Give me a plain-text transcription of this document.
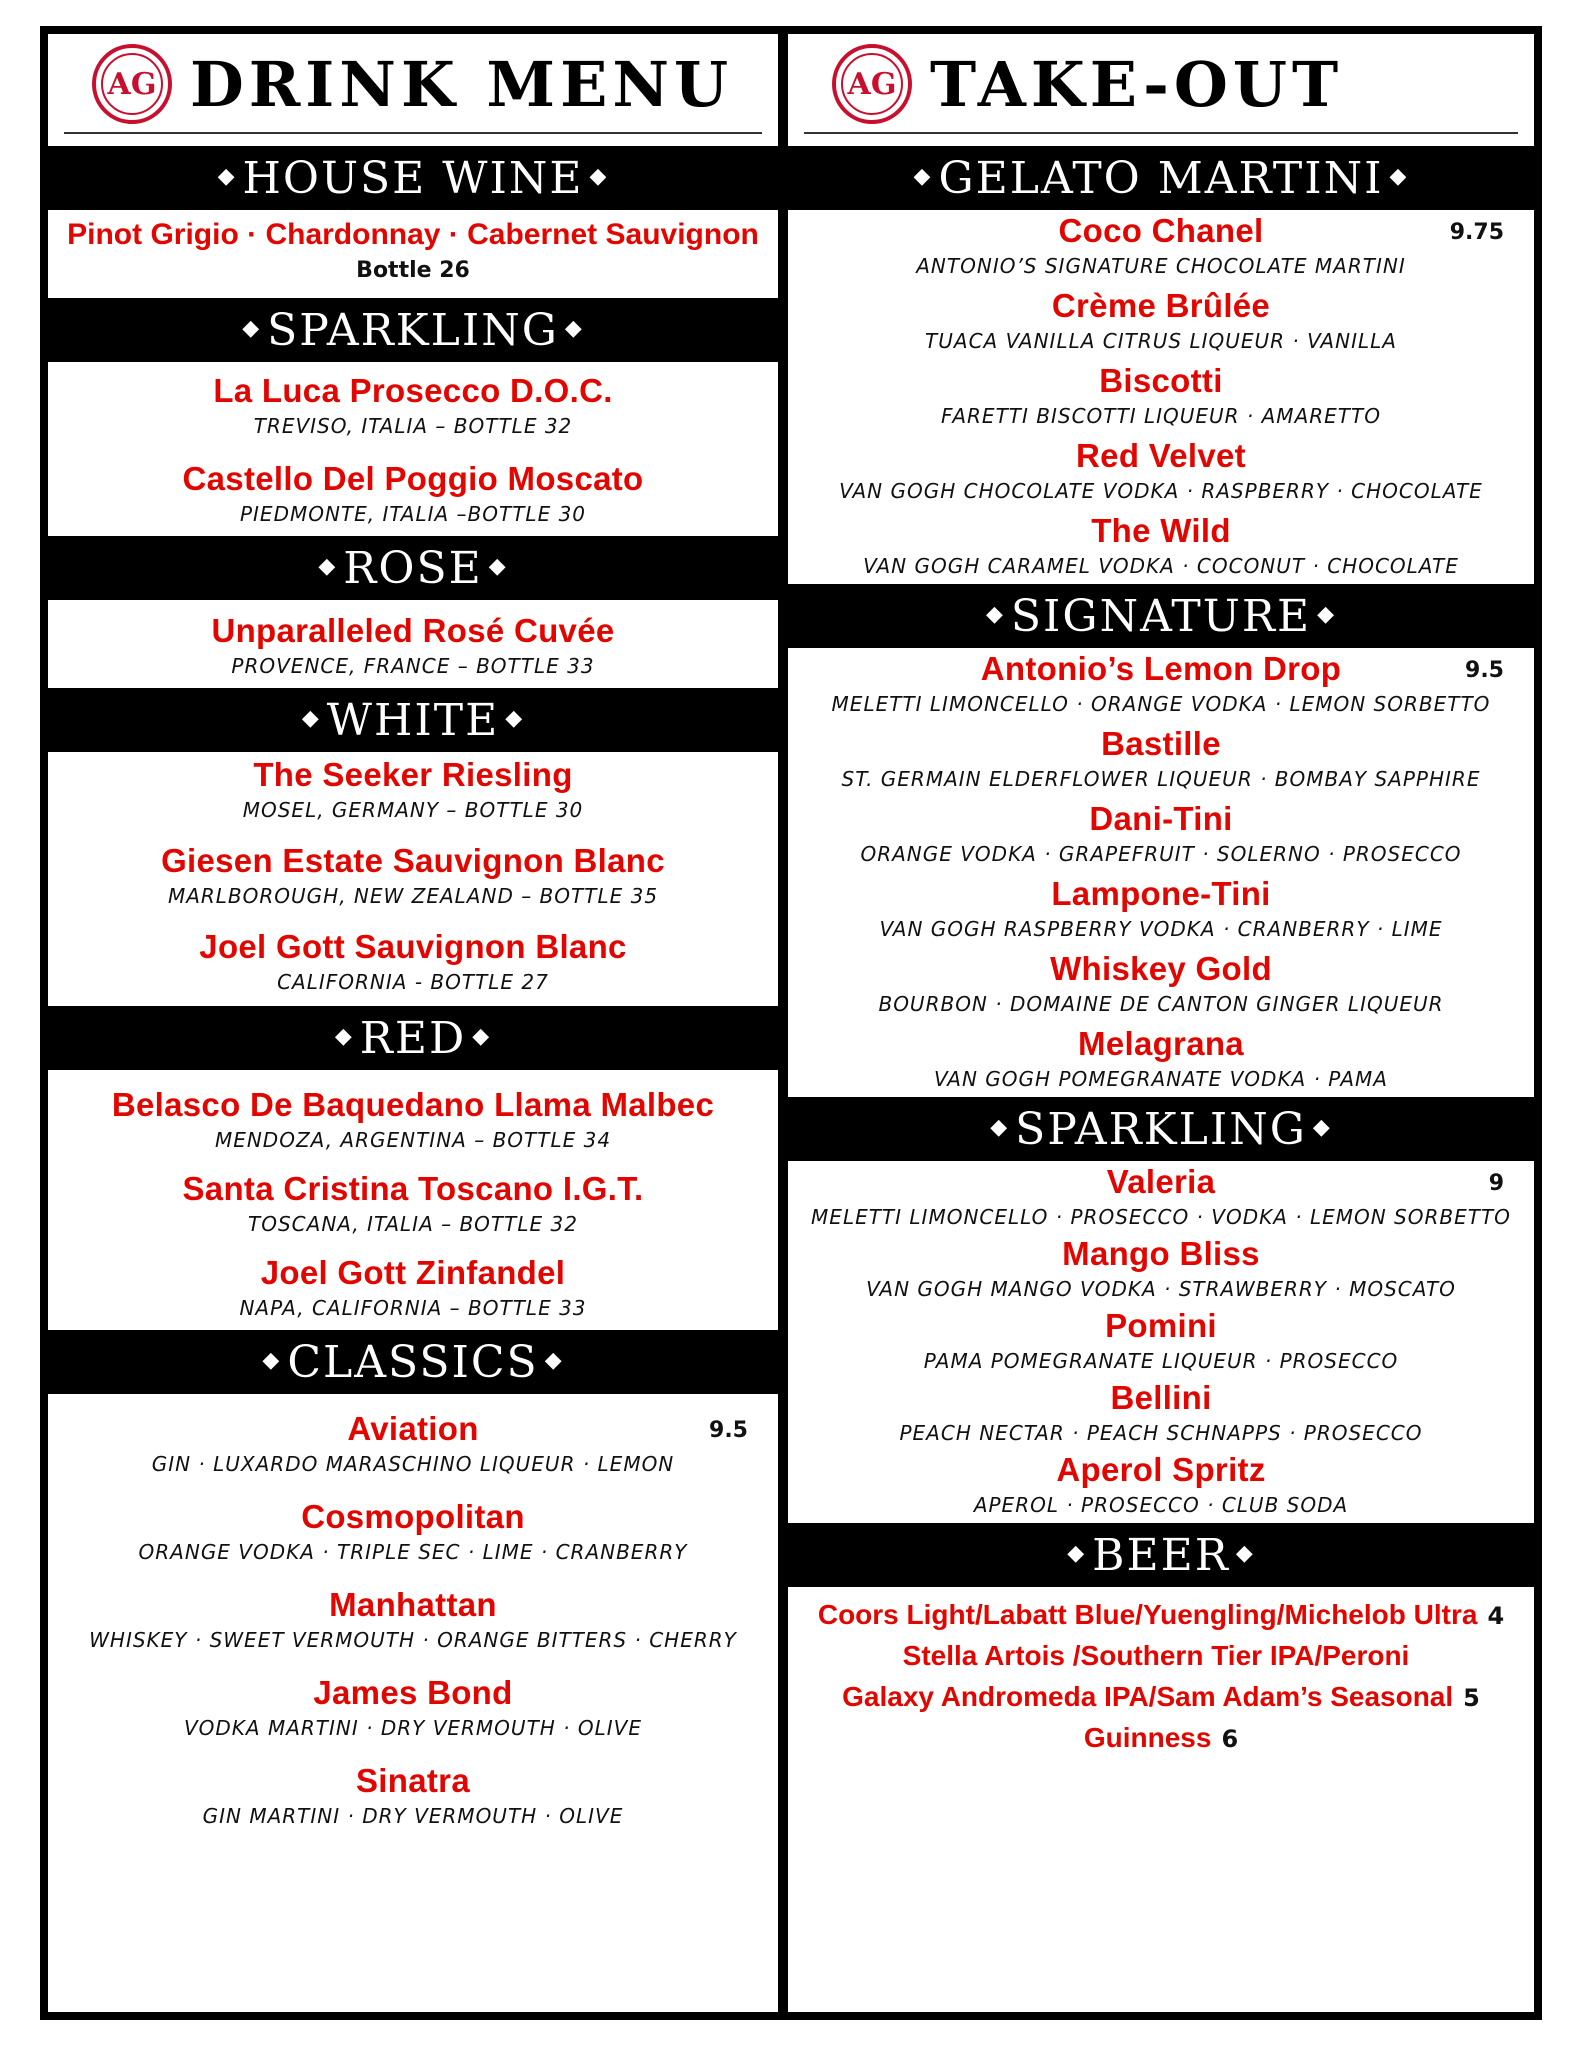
AG DRINK MENU
◆ HOUSE WINE ◆
Pinot Grigio · Chardonnay · Cabernet Sauvignon
Bottle 26
◆ SPARKLING ◆
La Luca Prosecco D.O.C.
TREVISO, ITALIA – BOTTLE 32
Castello Del Poggio Moscato
PIEDMONTE, ITALIA –BOTTLE 30
◆ ROSE ◆
Unparalleled Rosé Cuvée
PROVENCE, FRANCE – BOTTLE 33
◆ WHITE ◆
The Seeker Riesling
MOSEL, GERMANY – BOTTLE 30
Giesen Estate Sauvignon Blanc
MARLBOROUGH, NEW ZEALAND – BOTTLE 35
Joel Gott Sauvignon Blanc
CALIFORNIA - BOTTLE 27
◆ RED ◆
Belasco De Baquedano Llama Malbec
MENDOZA, ARGENTINA – BOTTLE 34
Santa Cristina Toscano I.G.T.
TOSCANA, ITALIA – BOTTLE 32
Joel Gott Zinfandel
NAPA, CALIFORNIA – BOTTLE 33
◆ CLASSICS ◆
Aviation
GIN · LUXARDO MARASCHINO LIQUEUR · LEMON
9.5
Cosmopolitan
ORANGE VODKA · TRIPLE SEC · LIME · CRANBERRY
Manhattan
WHISKEY · SWEET VERMOUTH · ORANGE BITTERS · CHERRY
James Bond
VODKA MARTINI · DRY VERMOUTH · OLIVE
Sinatra
GIN MARTINI · DRY VERMOUTH · OLIVE
AG TAKE-OUT
◆ GELATO MARTINI ◆
Coco Chanel
ANTONIO’S SIGNATURE CHOCOLATE MARTINI
9.75
Crème Brûlée
TUACA VANILLA CITRUS LIQUEUR · VANILLA
Biscotti
FARETTI BISCOTTI LIQUEUR · AMARETTO
Red Velvet
VAN GOGH CHOCOLATE VODKA · RASPBERRY · CHOCOLATE
The Wild
VAN GOGH CARAMEL VODKA · COCONUT · CHOCOLATE
◆ SIGNATURE ◆
Antonio’s Lemon Drop
MELETTI LIMONCELLO · ORANGE VODKA · LEMON SORBETTO
9.5
Bastille
ST. GERMAIN ELDERFLOWER LIQUEUR · BOMBAY SAPPHIRE
Dani-Tini
ORANGE VODKA · GRAPEFRUIT · SOLERNO · PROSECCO
Lampone-Tini
VAN GOGH RASPBERRY VODKA · CRANBERRY · LIME
Whiskey Gold
BOURBON · DOMAINE DE CANTON GINGER LIQUEUR
Melagrana
VAN GOGH POMEGRANATE VODKA · PAMA
◆ SPARKLING ◆
Valeria
MELETTI LIMONCELLO · PROSECCO · VODKA · LEMON SORBETTO
9
Mango Bliss
VAN GOGH MANGO VODKA · STRAWBERRY · MOSCATO
Pomini
PAMA POMEGRANATE LIQUEUR · PROSECCO
Bellini
PEACH NECTAR · PEACH SCHNAPPS · PROSECCO
Aperol Spritz
APEROL · PROSECCO · CLUB SODA
◆ BEER ◆
Coors Light/Labatt Blue/Yuengling/Michelob Ultra 4
Stella Artois /Southern Tier IPA/Peroni
Galaxy Andromeda IPA/Sam Adam’s Seasonal 5
Guinness 6
